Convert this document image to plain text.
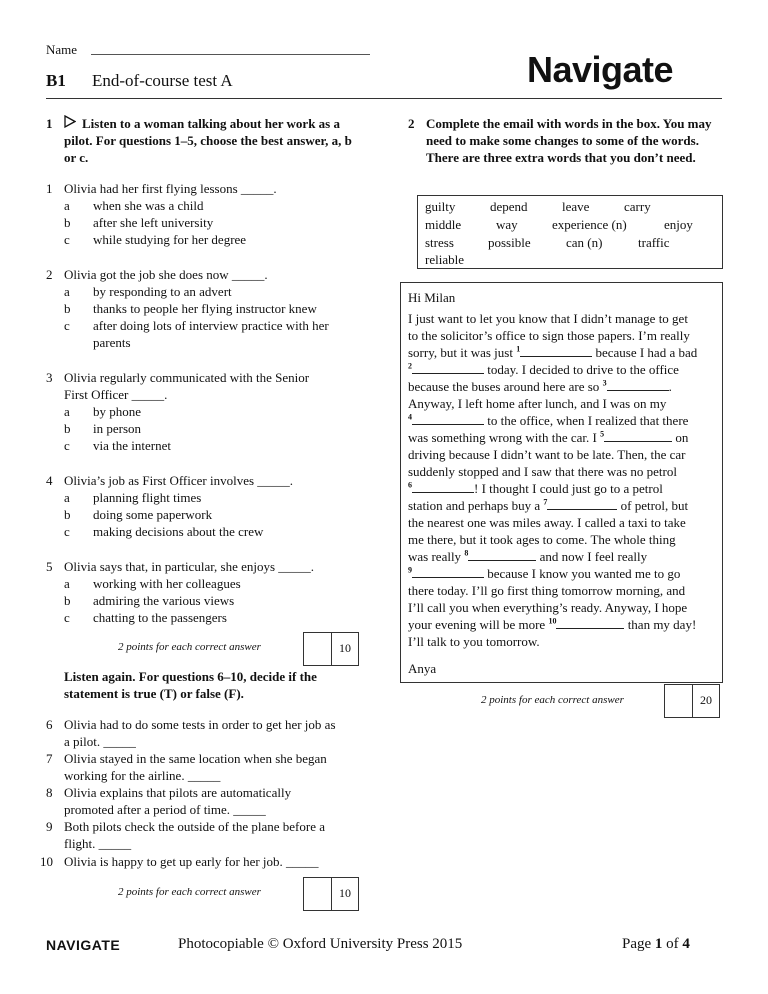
Name
B1 End-of-course test A	Navigate
1	Listen to a woman talking about her work as a pilot. For questions 1–5, choose the best answer, a, b or c.
1 Olivia had her first flying lessons _____.
a when she was a child
b after she left university
c while studying for her degree
2 Olivia got the job she does now _____.
a by responding to an advert
b thanks to people her flying instructor knew
c after doing lots of interview practice with her parents
3 Olivia regularly communicated with the Senior
First Officer _____.
a by phone
b in person
c via the internet
4 Olivia’s job as First Officer involves _____.
a planning flight times
b doing some paperwork
c making decisions about the crew
5 Olivia says that, in particular, she enjoys _____.
a working with her colleagues
b admiring the various views
c chatting to the passengers
2 points for each correct answer	10
Listen again. For questions 6–10, decide if the statement is true (T) or false (F).
6 Olivia had to do some tests in order to get her job as
a pilot. _____
7 Olivia stayed in the same location when she began
working for the airline. _____
8 Olivia explains that pilots are automatically
promoted after a period of time. _____
9 Both pilots check the outside of the plane before a
flight. _____
10 Olivia is happy to get up early for her job. _____
2 points for each correct answer	10
2 Complete the email with words in the box. You may need to make some changes to some of the words. There are three extra words that you don’t need.
guilty	depend	leave	carry
middle	way	experience (n)	enjoy
stress	possible	can (n)	traffic
reliable
Hi Milan
I just want to let you know that I didn’t manage to get
to the solicitor’s office to sign those papers. I’m really
sorry, but it was just $^1$	because I had a bad
$^2$	today. I decided to drive to the office
because the buses around here are so $^3$	.
Anyway, I left home after lunch, and I was on my
$^4$	to the office, when I realized that there
was something wrong with the car. I $^5$	on
driving because I didn’t want to be late. Then, the car
suddenly stopped and I saw that there was no petrol
$^6$	! I thought I could just go to a petrol
station and perhaps buy a $^7$	of petrol, but
the nearest one was miles away. I called a taxi to take
me there, but it took ages to come. The whole thing
was really $^8$	and now I feel really
$^9$	because I know you wanted me to go
there today. I’ll go first thing tomorrow morning, and
I’ll call you when everything’s ready. Anyway, I hope
your evening will be more $^{10}$	than my day!
I’ll talk to you tomorrow.
Anya
2 points for each correct answer	20
NAVIGATE	Photocopiable © Oxford University Press 2015	Page 1 of 4
